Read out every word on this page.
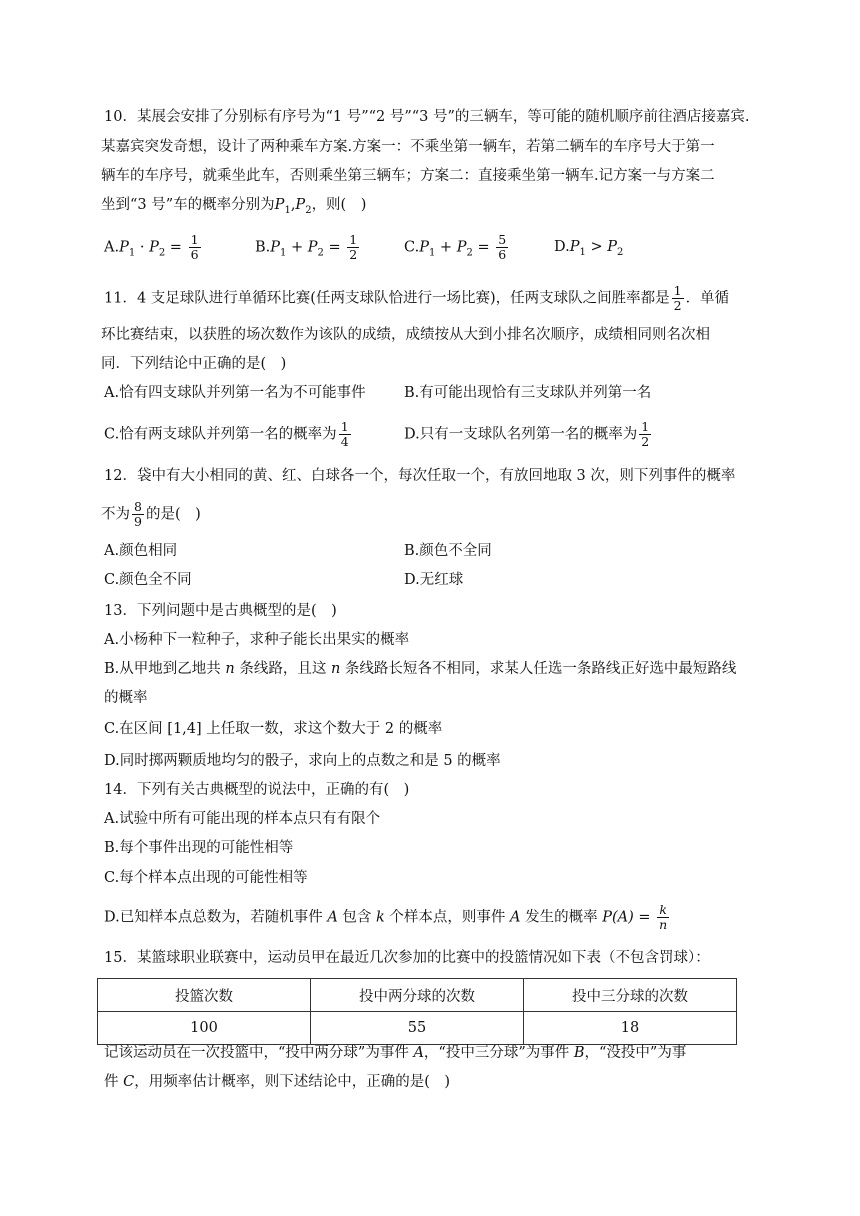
10．某展会安排了分别标有序号为“1 号”“2 号”“3 号”的三辆车，等可能的随机顺序前往酒店接嘉宾.
某嘉宾突发奇想，设计了两种乘车方案.方案一：不乘坐第一辆车，若第二辆车的车序号大于第一
辆车的车序号，就乘坐此车，否则乘坐第三辆车；方案二：直接乘坐第一辆车.记方案一与方案二
坐到“3 号”车的概率分别为$P_1,P_2$，则(　)
$A.P_1 \cdot P_2 = \frac{1}{6}$	$B.P_1 + P_2 = \frac{1}{2}$	$C.P_1 + P_2 = \frac{5}{6}$	$D.P_1 > P_2$
11．4 支足球队进行单循环比赛(任两支球队恰进行一场比赛)，任两支球队之间胜率都是 $\frac{1}{2}$ ．单循
环比赛结束，以获胜的场次数作为该队的成绩，成绩按从大到小排名次顺序，成绩相同则名次相
同．下列结论中正确的是(　)
A.恰有四支球队并列第一名为不可能事件	B.有可能出现恰有三支球队并列第一名
C.恰有两支球队并列第一名的概率为 $\frac{1}{4}$	D.只有一支球队名列第一名的概率为 $\frac{1}{2}$
12．袋中有大小相同的黄、红、白球各一个，每次任取一个，有放回地取 3 次，则下列事件的概率
不为 $\frac{8}{9}$ 的是(　)
A.颜色相同	B.颜色不全同
C.颜色全不同	D.无红球
13．下列问题中是古典概型的是(　)
A.小杨种下一粒种子，求种子能长出果实的概率
B.从甲地到乙地共 n 条线路，且这 n 条线路长短各不相同，求某人任选一条路线正好选中最短路线
的概率
C.在区间 [1,4] 上任取一数，求这个数大于 2 的概率
D.同时掷两颗质地均匀的骰子，求向上的点数之和是 5 的概率
14．下列有关古典概型的说法中，正确的有(　)
A.试验中所有可能出现的样本点只有有限个
B.每个事件出现的可能性相等
C.每个样本点出现的可能性相等
D.已知样本点总数为，若随机事件 A 包含 k 个样本点，则事件 A 发生的概率 $P(A) = \frac{k}{n}$
15．某篮球职业联赛中，运动员甲在最近几次参加的比赛中的投篮情况如下表（不包含罚球）：
投篮次数	投中两分球的次数	投中三分球的次数
100	55	18
记该运动员在一次投篮中，“投中两分球”为事件 A，“投中三分球”为事件 B，“没投中”为事
件 C，用频率估计概率，则下述结论中，正确的是(　)
